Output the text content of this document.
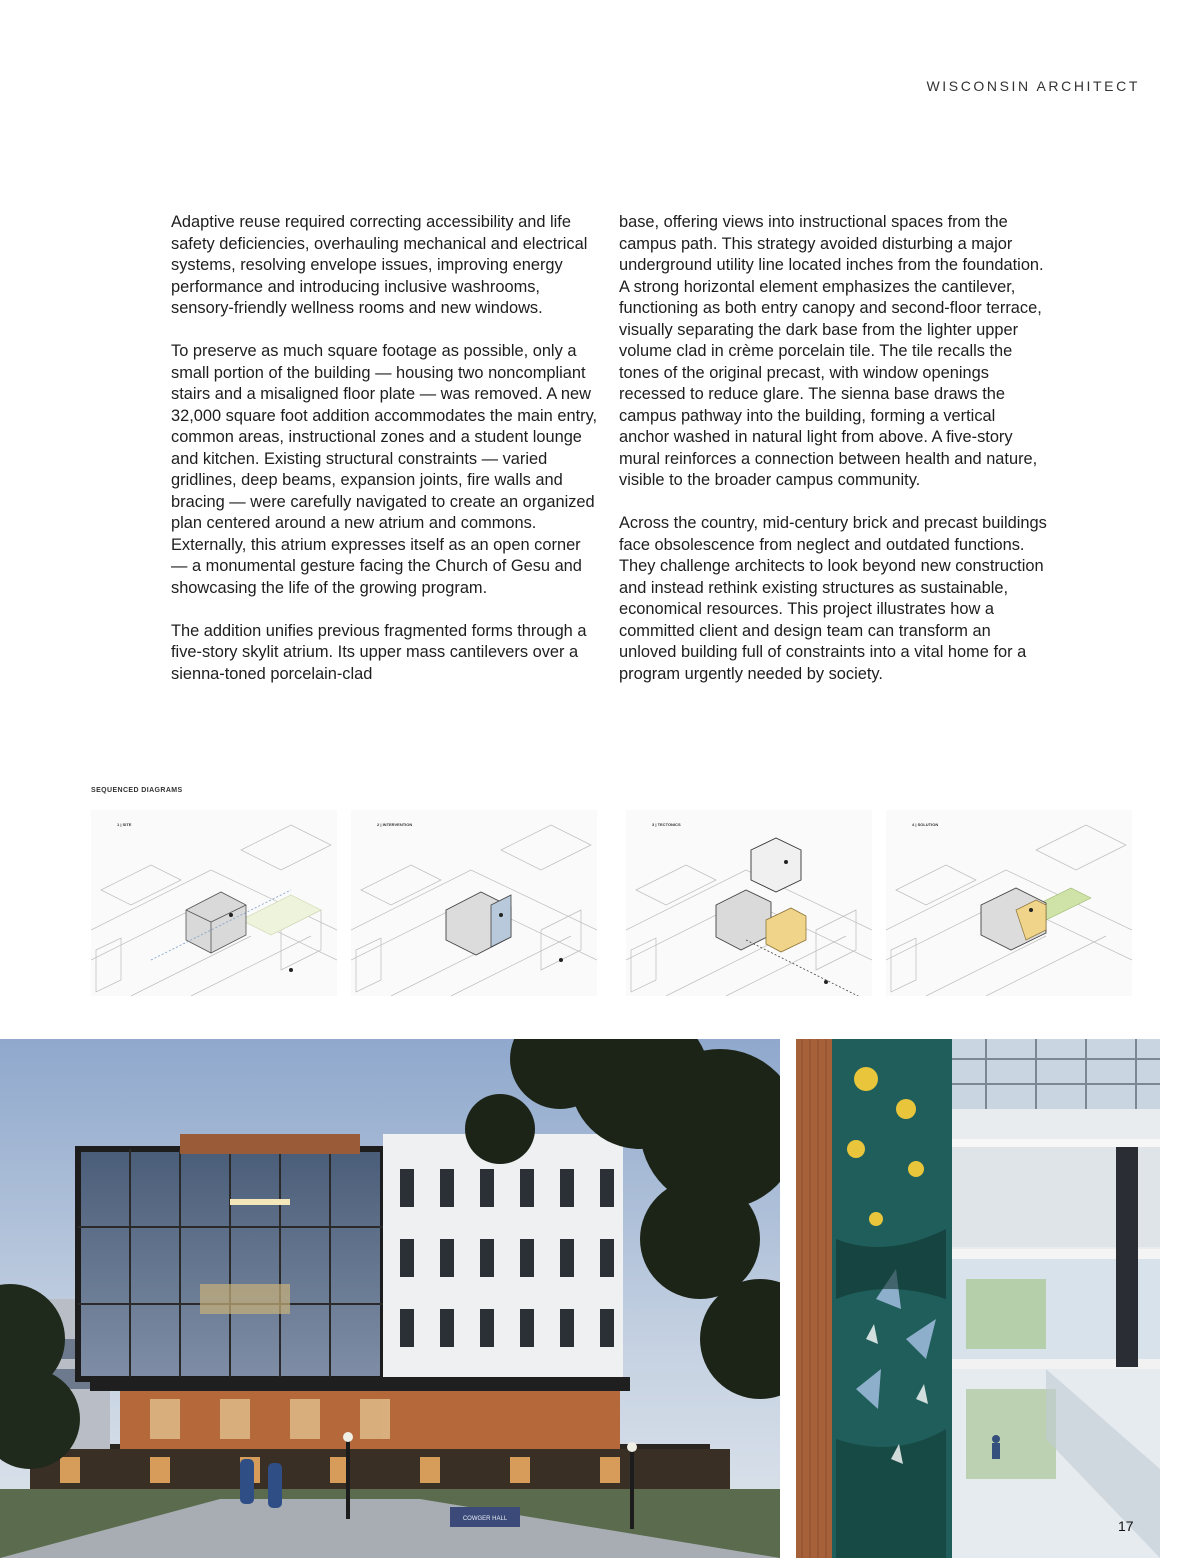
WISCONSIN ARCHITECT

Adaptive reuse required correcting accessibility and life safety deficiencies, overhauling mechanical and electrical systems, resolving envelope issues, improving energy performance and introducing inclusive washrooms, sensory-friendly wellness rooms and new windows.

To preserve as much square footage as possible, only a small portion of the building — housing two noncompliant stairs and a misaligned floor plate — was removed. A new 32,000 square foot addition accommodates the main entry, common areas, instructional zones and a student lounge and kitchen. Existing structural constraints — varied gridlines, deep beams, expansion joints, fire walls and bracing — were carefully navigated to create an organized plan centered around a new atrium and commons. Externally, this atrium expresses itself as an open corner — a monumental gesture facing the Church of Gesu and showcasing the life of the growing program.

The addition unifies previous fragmented forms through a five-story skylit atrium. Its upper mass cantilevers over a sienna-toned porcelain-clad

base, offering views into instructional spaces from the campus path. This strategy avoided disturbing a major underground utility line located inches from the foundation. A strong horizontal element emphasizes the cantilever, functioning as both entry canopy and second-floor terrace, visually separating the dark base from the lighter upper volume clad in crème porcelain tile. The tile recalls the tones of the original precast, with window openings recessed to reduce glare. The sienna base draws the campus pathway into the building, forming a vertical anchor washed in natural light from above. A five-story mural reinforces a connection between health and nature, visible to the broader campus community.

Across the country, mid-century brick and precast buildings face obsolescence from neglect and outdated functions. They challenge architects to look beyond new construction and instead rethink existing structures as sustainable, economical resources. This project illustrates how a committed client and design team can transform an unloved building full of constraints into a vital home for a program urgently needed by society.

SEQUENCED DIAGRAMS
1 | SITE	2 | INTERVENTION	3 | TECTONICS	4 | SOLUTION
COWGER HALL	17
